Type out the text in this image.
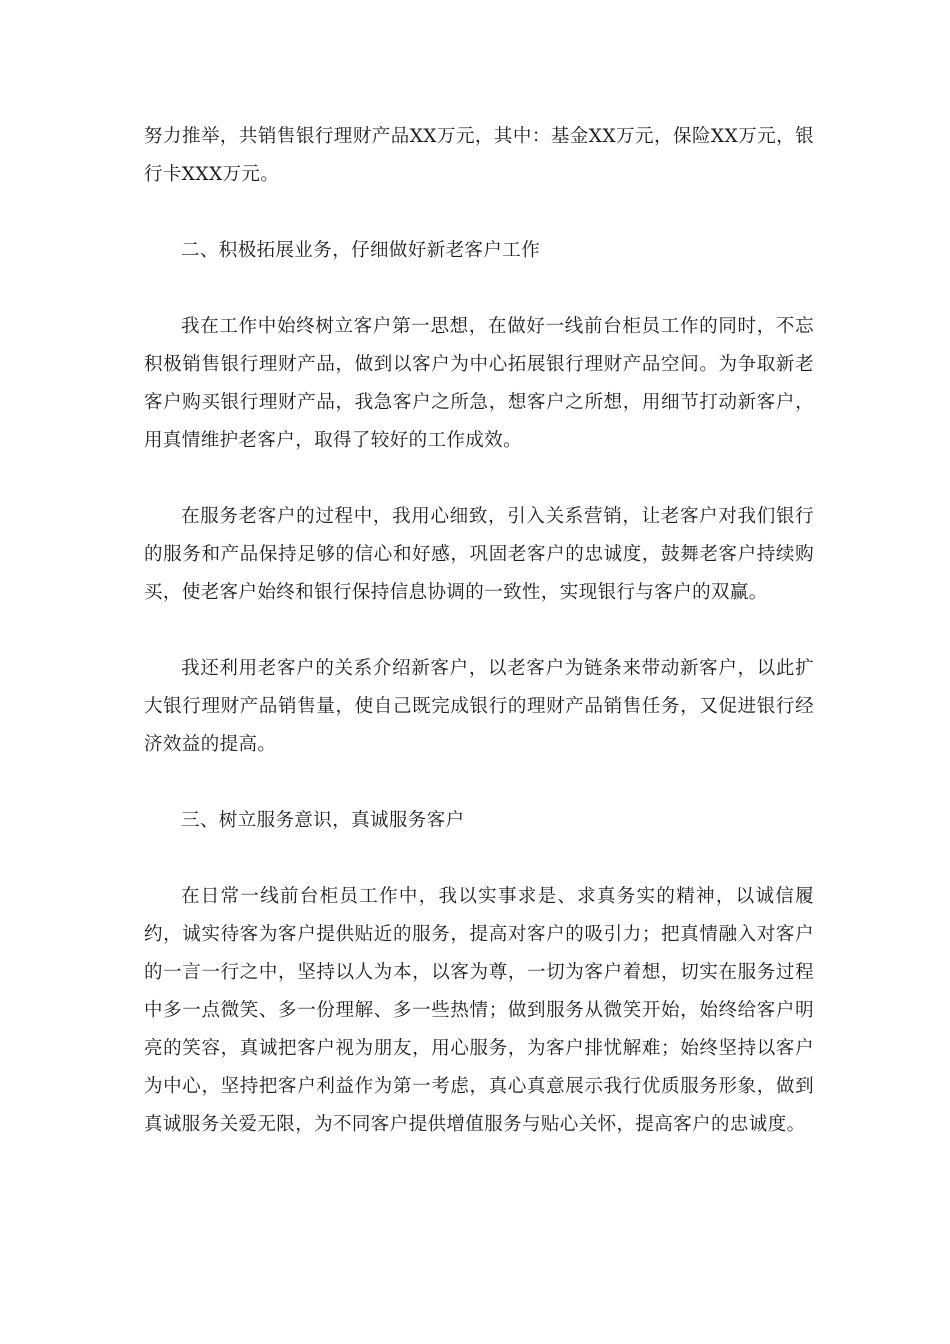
努力推举，共销售银行理财产品XX万元，其中：基金XX万元，保险XX万元，银行卡XXX万元。

二、积极拓展业务，仔细做好新老客户工作

我在工作中始终树立客户第一思想，在做好一线前台柜员工作的同时，不忘积极销售银行理财产品，做到以客户为中心拓展银行理财产品空间。为争取新老客户购买银行理财产品，我急客户之所急，想客户之所想，用细节打动新客户，用真情维护老客户，取得了较好的工作成效。

在服务老客户的过程中，我用心细致，引入关系营销，让老客户对我们银行的服务和产品保持足够的信心和好感，巩固老客户的忠诚度，鼓舞老客户持续购买，使老客户始终和银行保持信息协调的一致性，实现银行与客户的双赢。

我还利用老客户的关系介绍新客户，以老客户为链条来带动新客户，以此扩大银行理财产品销售量，使自己既完成银行的理财产品销售任务，又促进银行经济效益的提高。

三、树立服务意识，真诚服务客户

在日常一线前台柜员工作中，我以实事求是、求真务实的精神，以诚信履约，诚实待客为客户提供贴近的服务，提高对客户的吸引力；把真情融入对客户的一言一行之中，坚持以人为本，以客为尊，一切为客户着想，切实在服务过程中多一点微笑、多一份理解、多一些热情；做到服务从微笑开始，始终给客户明亮的笑容，真诚把客户视为朋友，用心服务，为客户排忧解难；始终坚持以客户为中心，坚持把客户利益作为第一考虑，真心真意展示我行优质服务形象，做到真诚服务关爱无限，为不同客户提供增值服务与贴心关怀，提高客户的忠诚度。
